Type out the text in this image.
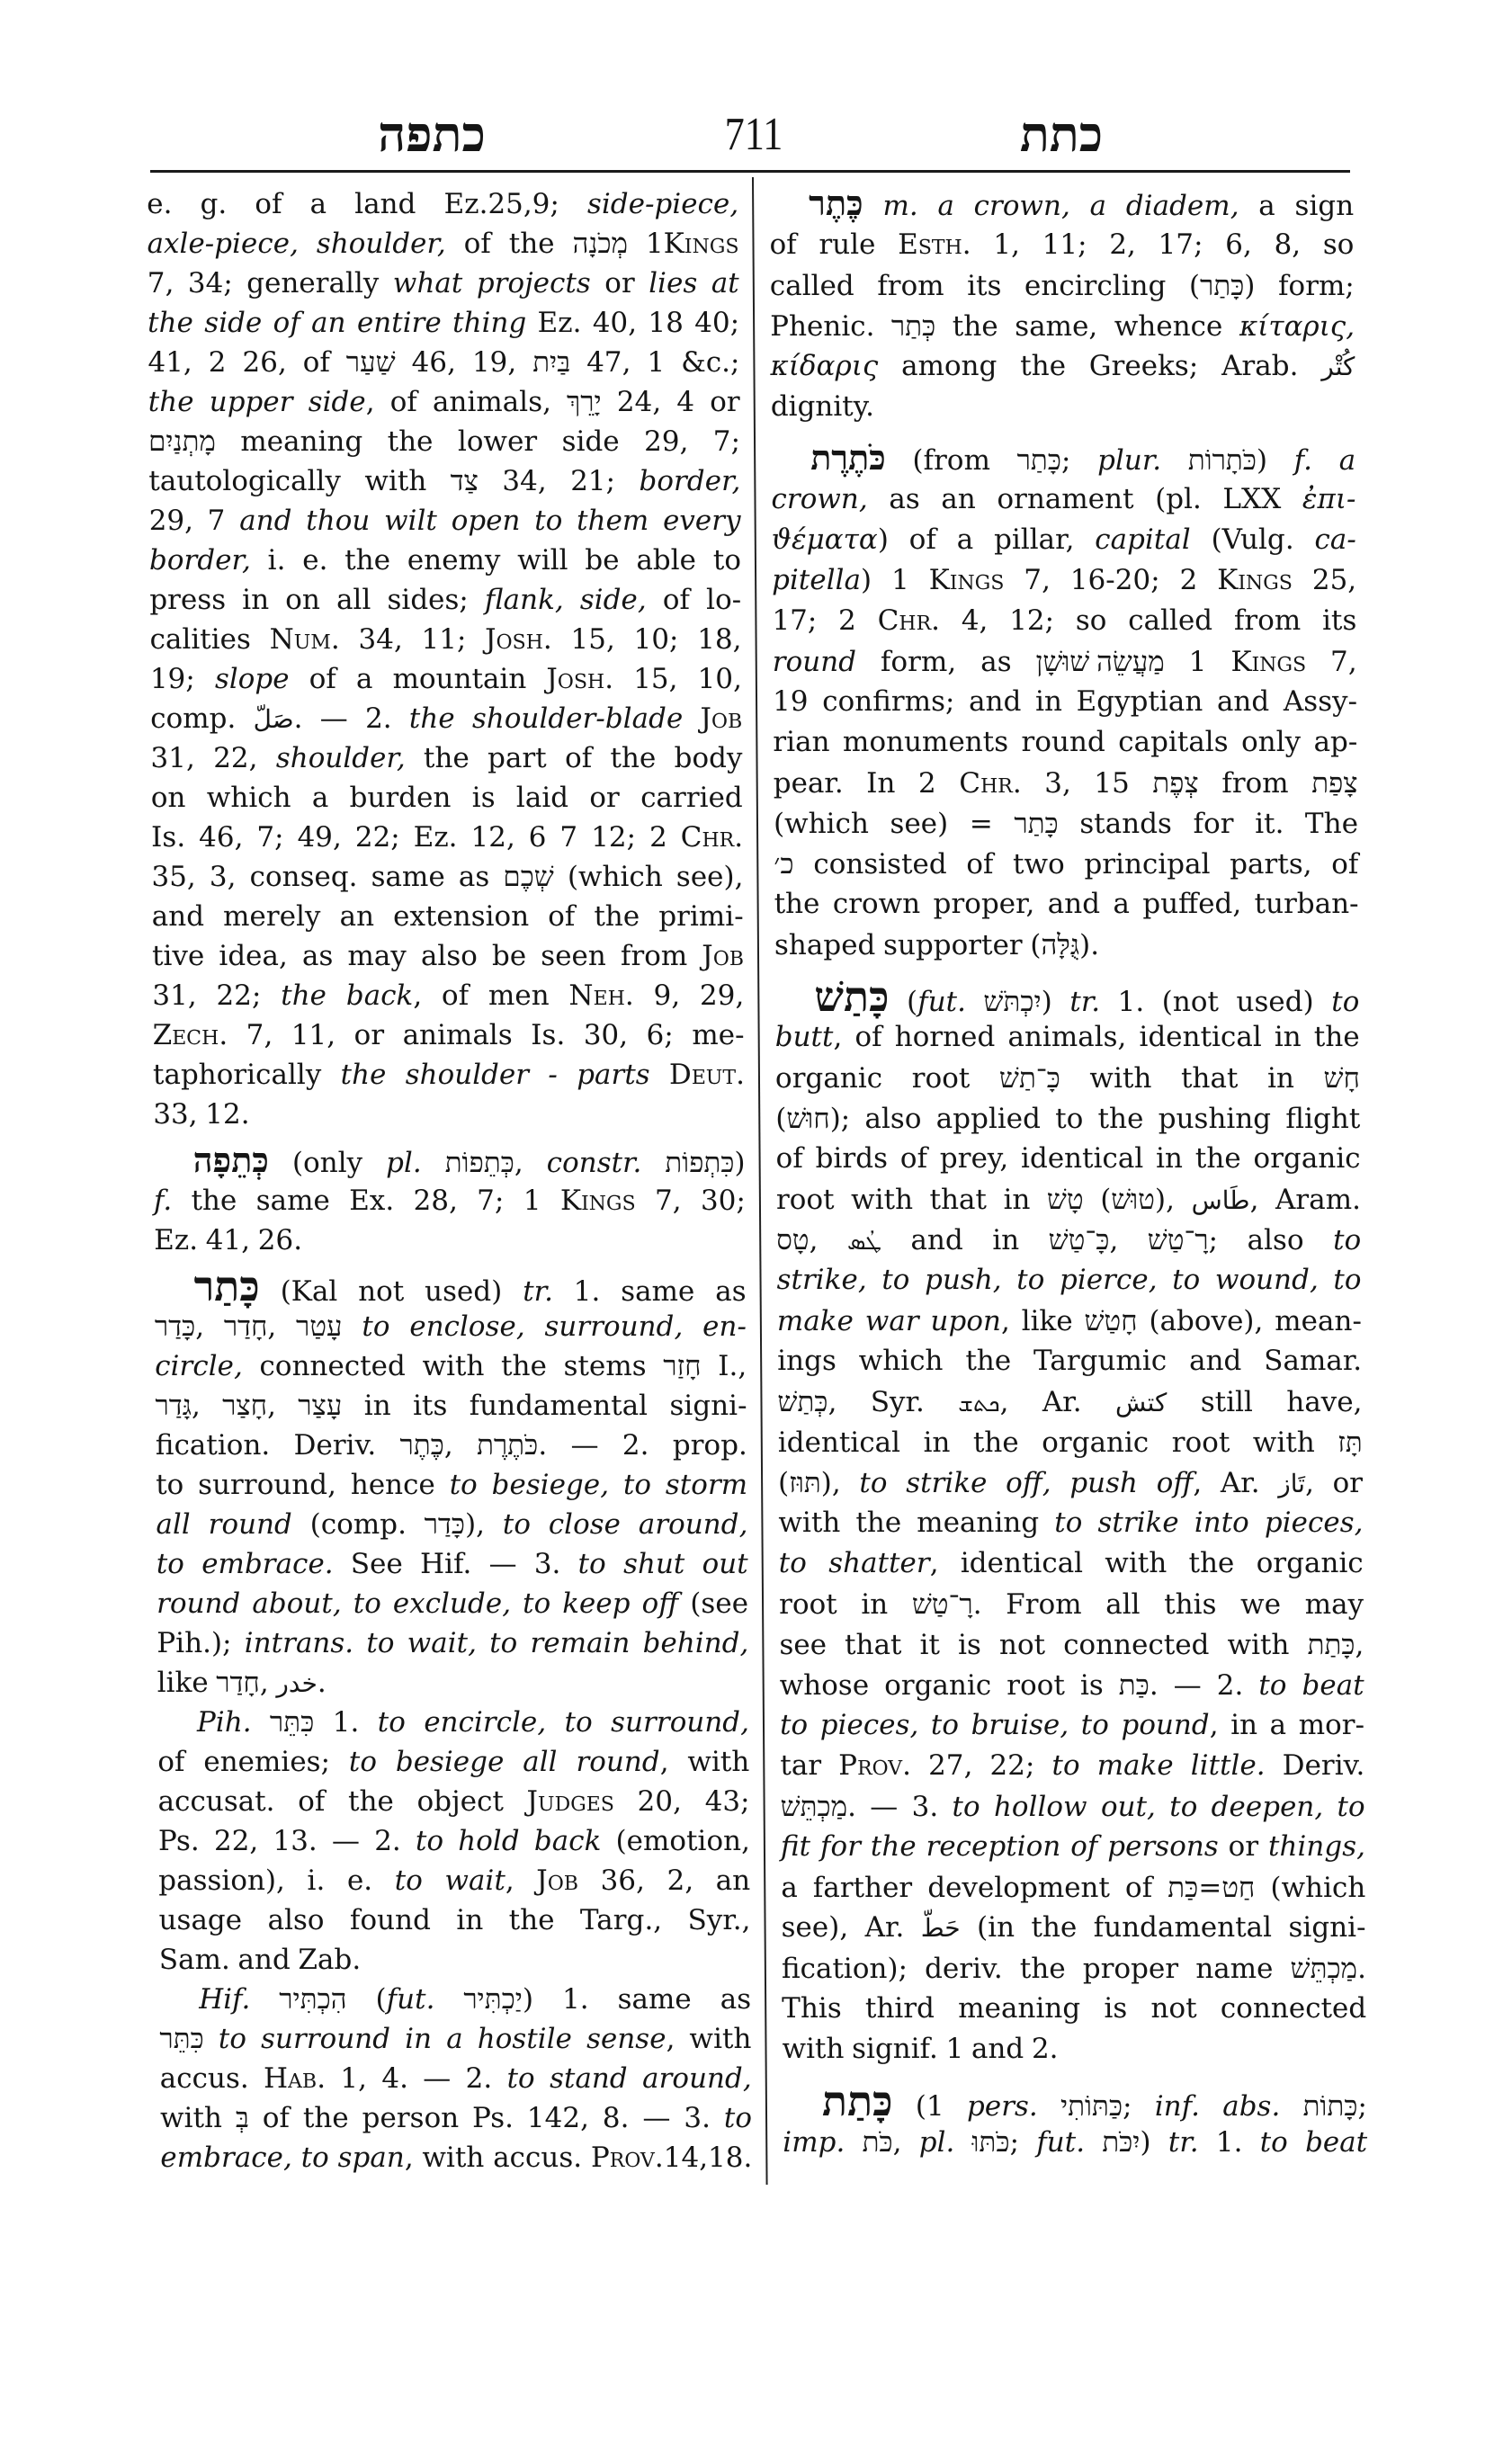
כתפה	711	כתת
e. g. of a land Ez.25,9; side-piece,
axle-piece, shoulder, of the מְכֹנָה 1Kings
7, 34; generally what projects or lies at
the side of an entire thing Ez. 40, 18 40;
41, 2 26, of שַׁעַר 46, 19, בַּיִת 47, 1 &c.;
the upper side, of animals, יָרֵךְ 24, 4 or
מָתְנַיִם meaning the lower side 29, 7;
tautologically with צַד 34, 21; border,
29, 7 and thou wilt open to them every
border, i. e. the enemy will be able to
press in on all sides; flank, side, of lo-
calities Num. 34, 11; Josh. 15, 10; 18,
19; slope of a mountain Josh. 15, 10,
comp. صَلّ. — 2. the shoulder-blade Job
31, 22, shoulder, the part of the body
on which a burden is laid or carried
Is. 46, 7; 49, 22; Ez. 12, 6 7 12; 2 Chr.
35, 3, conseq. same as שְׁכֶם (which see),
and merely an extension of the primi-
tive idea, as may also be seen from Job
31, 22; the back, of men Neh. 9, 29,
Zech. 7, 11, or animals Is. 30, 6; me-
taphorically the shoulder - parts Deut.
33, 12.
כְּתֵפָה (only pl. כְּתֵפוֹת, constr. כִּתְפוֹת)
f. the same Ex. 28, 7; 1 Kings 7, 30;
Ez. 41, 26.
כָּתַר (Kal not used) tr. 1. same as
כָּדַר, חָדַר, עָטַר to enclose, surround, en-
circle, connected with the stems חָזַר I.,
גָּדַר, חָצַר, עָצַר in its fundamental signi-
fication. Deriv. כֶּתֶר, כֹּתֶרֶת. — 2. prop.
to surround, hence to besiege, to storm
all round (comp. כָּדַר), to close around,
to embrace. See Hif. — 3. to shut out
round about, to exclude, to keep off (see
Pih.); intrans. to wait, to remain behind,
like חָדַר, خدر.
Pih. כִּתֵּר 1. to encircle, to surround,
of enemies; to besiege all round, with
accusat. of the object Judges 20, 43;
Ps. 22, 13. — 2. to hold back (emotion,
passion), i. e. to wait, Job 36, 2, an
usage also found in the Targ., Syr.,
Sam. and Zab.
Hif. הִכְתִּיר (fut. יַכְתִּיר) 1. same as
כִּתֵּר to surround in a hostile sense, with
accus. Hab. 1, 4. — 2. to stand around,
with בְּ of the person Ps. 142, 8. — 3. to
embrace, to span, with accus. Prov.14,18.
כֶּתֶר m. a crown, a diadem, a sign
of rule Esth. 1, 11; 2, 17; 6, 8, so
called from its encircling (כָּתַר) form;
Phenic. כְּתַר the same, whence κίταρις,
κίδαρις among the Greeks; Arab. كُتْر
dignity.
כֹּתֶרֶת (from כָּתַר; plur. כֹּתָרוֹת) f. a
crown, as an ornament (pl. LXX ἐπι-
ϑέματα) of a pillar, capital (Vulg. ca-
pitella) 1 Kings 7, 16-20; 2 Kings 25,
17; 2 Chr. 4, 12; so called from its
round form, as מַעֲשֵׂה שׁוּשָׁן 1 Kings 7,
19 confirms; and in Egyptian and Assy-
rian monuments round capitals only ap-
pear. In 2 Chr. 3, 15 צְפֶת from צָפַת
(which see) = כָּתַר stands for it. The
כ׳ consisted of two principal parts, of
the crown proper, and a puffed, turban-
shaped supporter (גֻּלָּה).
כָּתַשׁ (fut. יִכְתֹּשׁ) tr. 1. (not used) to
butt, of horned animals, identical in the
organic root כָּ־תַשׁ with that in חָשׁ
(חוּשׁ); also applied to the pushing flight
of birds of prey, identical in the organic
root with that in טָשׁ (טוּשׁ), طَاس, Aram.
טָס, ܛܳܣ and in כָּ־טַשׁ, רָ־טַשׁ; also to
strike, to push, to pierce, to wound, to
make war upon, like חָטַשׁ (above), mean-
ings which the Targumic and Samar.
כְּתַשׁ, Syr. ܟܬܫ, Ar. كتش still have,
identical in the organic root with תָּז
(תּוּז), to strike off, push off, Ar. تَاز, or
with the meaning to strike into pieces,
to shatter, identical with the organic
root in רָ־טַשׁ. From all this we may
see that it is not connected with כָּתַת,
whose organic root is כַּת. — 2. to beat
to pieces, to bruise, to pound, in a mor-
tar Prov. 27, 22; to make little. Deriv.
מַכְתֵּשׁ. — 3. to hollow out, to deepen, to
fit for the reception of persons or things,
a farther development of כַּת=חַט (which
see), Ar. حَطّ (in the fundamental signi-
fication); deriv. the proper name מַכְתֵּשׁ.
This third meaning is not connected
with signif. 1 and 2.
כָּתַת (1 pers. כַּתּוֹתִי; inf. abs. כָּתוֹת;
imp. כֹּת, pl. כֹּתּוּ; fut. יִכֹּת) tr. 1. to beat
